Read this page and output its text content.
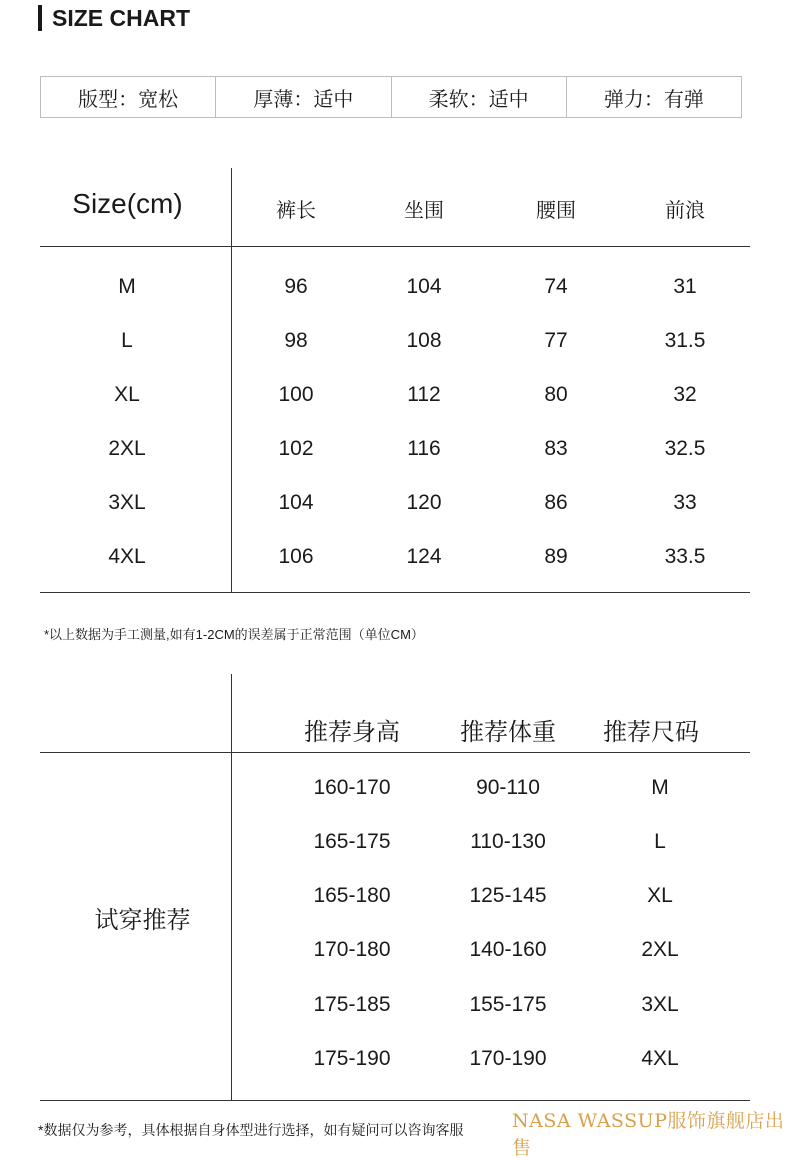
SIZE CHART
版型：宽松	厚薄：适中	柔软：适中	弹力：有弹
Size(cm)	裤长	坐围	腰围	前浪
M	96	104	74	31
L	98	108	77	31.5
XL	100	112	80	32
2XL	102	116	83	32.5
3XL	104	120	86	33
4XL	106	124	89	33.5
*以上数据为手工测量,如有1-2CM的误差属于正常范围（单位CM）
推荐身高	推荐体重	推荐尺码
试穿推荐
160-170	90-110	M
165-175	110-130	L
165-180	125-145	XL
170-180	140-160	2XL
175-185	155-175	3XL
175-190	170-190	4XL
*数据仅为参考，具体根据自身体型进行选择，如有疑问可以咨询客服	NASA WASSUP服饰旗舰店出售
